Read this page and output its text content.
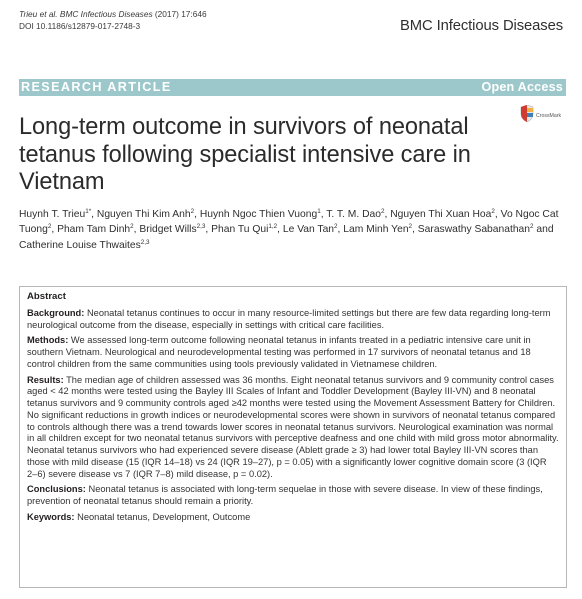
Trieu et al. BMC Infectious Diseases (2017) 17:646
DOI 10.1186/s12879-017-2748-3	BMC Infectious Diseases
RESEARCH ARTICLE	Open Access
CrossMark
Long-term outcome in survivors of neonatal tetanus following specialist intensive care in Vietnam
Huynh T. Trieu$^{1*}$, Nguyen Thi Kim Anh$^2$, Huynh Ngoc Thien Vuong$^1$, T. T. M. Dao$^2$, Nguyen Thi Xuan Hoa$^2$, Vo Ngoc Cat Tuong$^2$, Pham Tam Dinh$^2$, Bridget Wills$^{2,3}$, Phan Tu Qui$^{1,2}$, Le Van Tan$^2$, Lam Minh Yen$^2$, Saraswathy Sabanathan$^2$ and Catherine Louise Thwaites$^{2,3}$
Abstract

Background: Neonatal tetanus continues to occur in many resource-limited settings but there are few data regarding long-term neurological outcome from the disease, especially in settings with critical care facilities.

Methods: We assessed long-term outcome following neonatal tetanus in infants treated in a pediatric intensive care unit in southern Vietnam. Neurological and neurodevelopmental testing was performed in 17 survivors of neonatal tetanus and 18 control children from the same communities using tools previously validated in Vietnamese children.

Results: The median age of children assessed was 36 months. Eight neonatal tetanus survivors and 9 community control cases aged < 42 months were tested using the Bayley III Scales of Infant and Toddler Development (Bayley III-VN) and 8 neonatal tetanus survivors and 9 community controls aged ≥42 months were tested using the Movement Assessment Battery for Children. No significant reductions in growth indices or neurodevelopmental scores were shown in survivors of neonatal tetanus compared to controls although there was a trend towards lower scores in neonatal tetanus survivors. Neurological examination was normal in all children except for two neonatal tetanus survivors with perceptive deafness and one child with mild gross motor abnormality. Neonatal tetanus survivors who had experienced severe disease (Ablett grade ≥ 3) had lower total Bayley III-VN scores than those with mild disease (15 (IQR 14–18) vs 24 (IQR 19–27), p = 0.05) with a significantly lower cognitive domain score (3 (IQR 2–6) severe disease vs 7 (IQR 7–8) mild disease, p = 0.02).

Conclusions: Neonatal tetanus is associated with long-term sequelae in those with severe disease. In view of these findings, prevention of neonatal tetanus should remain a priority.

Keywords: Neonatal tetanus, Development, Outcome
